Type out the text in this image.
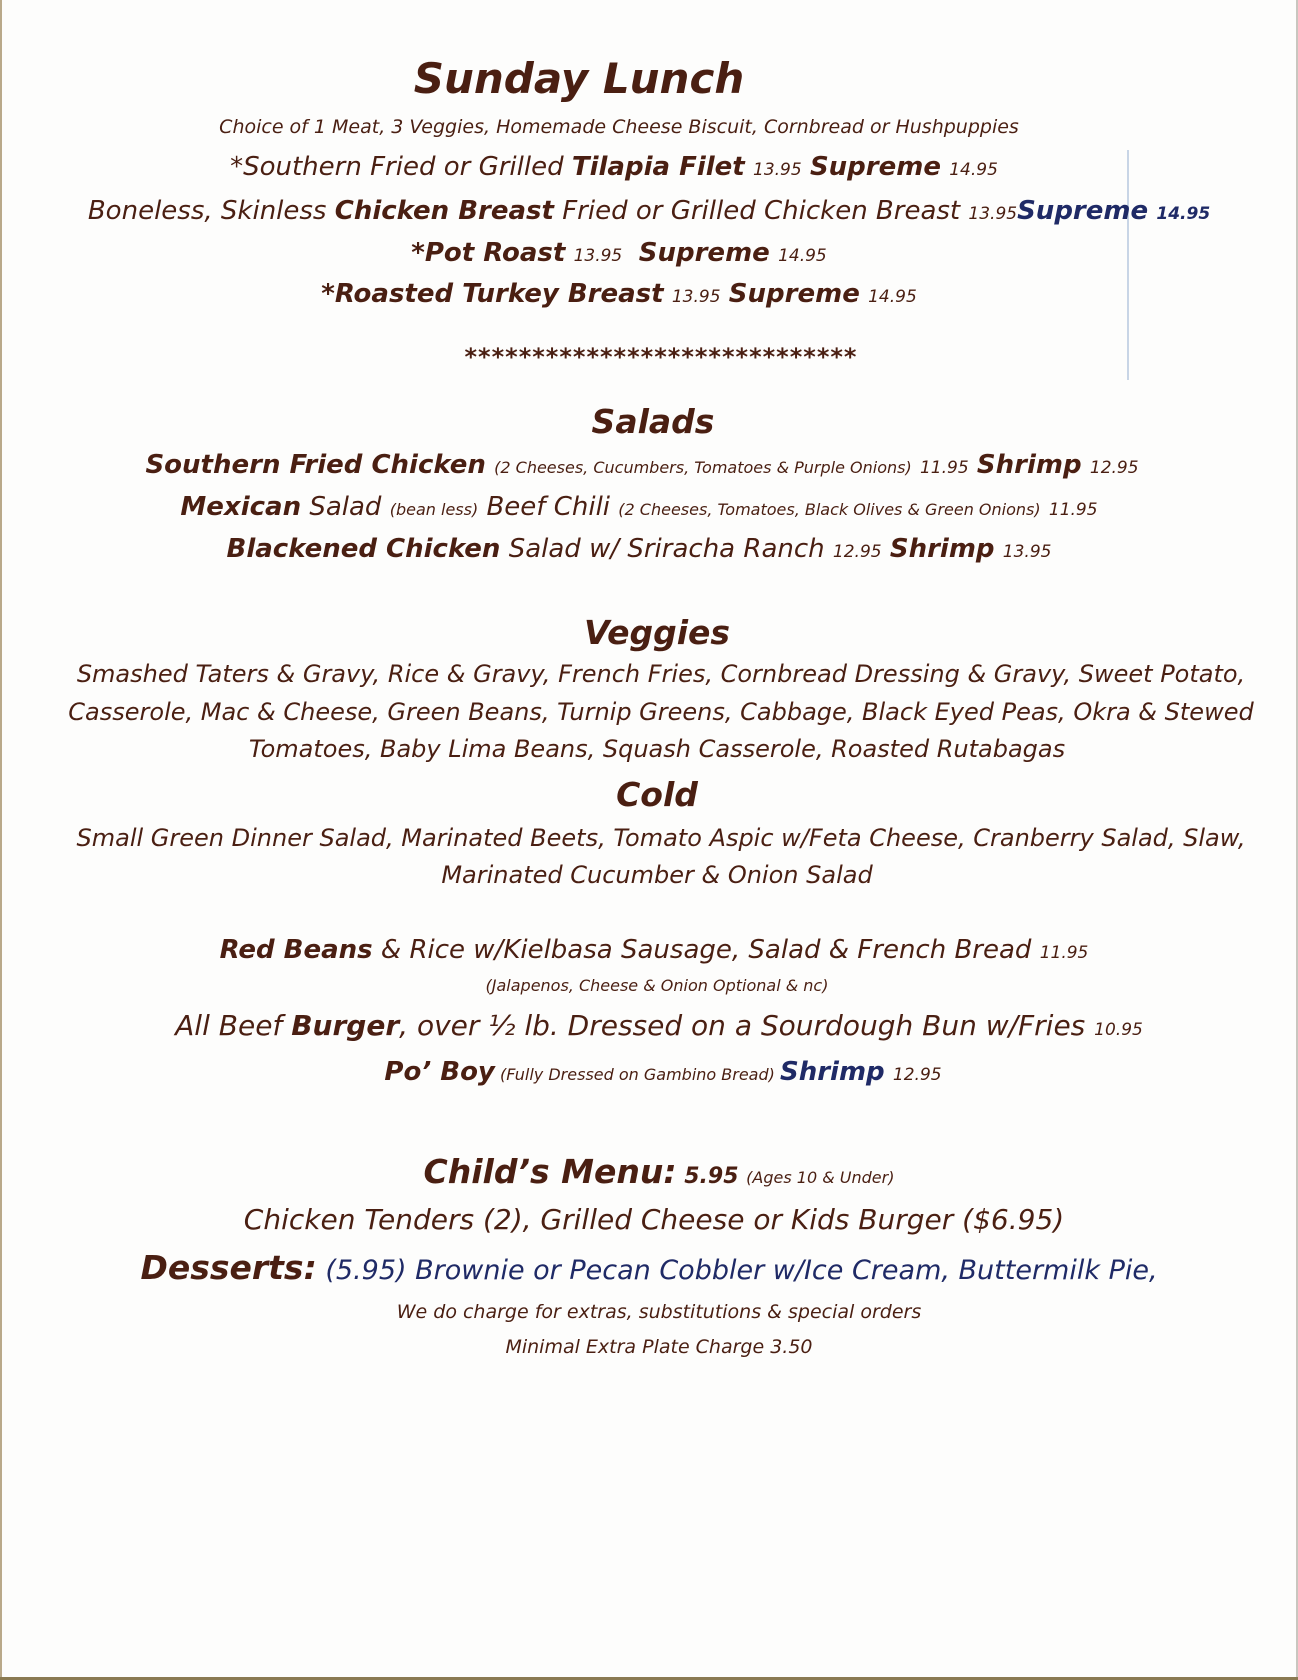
Sunday Lunch
Choice of 1 Meat, 3 Veggies, Homemade Cheese Biscuit, Cornbread or Hushpuppies
*Southern Fried or Grilled Tilapia Filet 13.95 Supreme 14.95
Boneless, Skinless Chicken Breast Fried or Grilled Chicken Breast 13.95Supreme 14.95
*Pot Roast 13.95 Supreme 14.95
*Roasted Turkey Breast 13.95 Supreme 14.95
*****************************
Salads
Southern Fried Chicken (2 Cheeses, Cucumbers, Tomatoes & Purple Onions) 11.95 Shrimp 12.95
Mexican Salad (bean less) Beef Chili (2 Cheeses, Tomatoes, Black Olives & Green Onions) 11.95
Blackened Chicken Salad w/ Sriracha Ranch 12.95 Shrimp 13.95
Veggies
Smashed Taters & Gravy, Rice & Gravy, French Fries, Cornbread Dressing & Gravy, Sweet Potato,
Casserole, Mac & Cheese, Green Beans, Turnip Greens, Cabbage, Black Eyed Peas, Okra & Stewed
Tomatoes, Baby Lima Beans, Squash Casserole, Roasted Rutabagas
Cold
Small Green Dinner Salad, Marinated Beets, Tomato Aspic w/Feta Cheese, Cranberry Salad, Slaw,
Marinated Cucumber & Onion Salad
Red Beans & Rice w/Kielbasa Sausage, Salad & French Bread 11.95
(Jalapenos, Cheese & Onion Optional & nc)
All Beef Burger, over ½ lb. Dressed on a Sourdough Bun w/Fries 10.95
Po’ Boy (Fully Dressed on Gambino Bread) Shrimp 12.95
Child’s Menu: 5.95 (Ages 10 & Under)
Chicken Tenders (2), Grilled Cheese or Kids Burger ($6.95)
Desserts: (5.95) Brownie or Pecan Cobbler w/Ice Cream, Buttermilk Pie,
We do charge for extras, substitutions & special orders
Minimal Extra Plate Charge 3.50
